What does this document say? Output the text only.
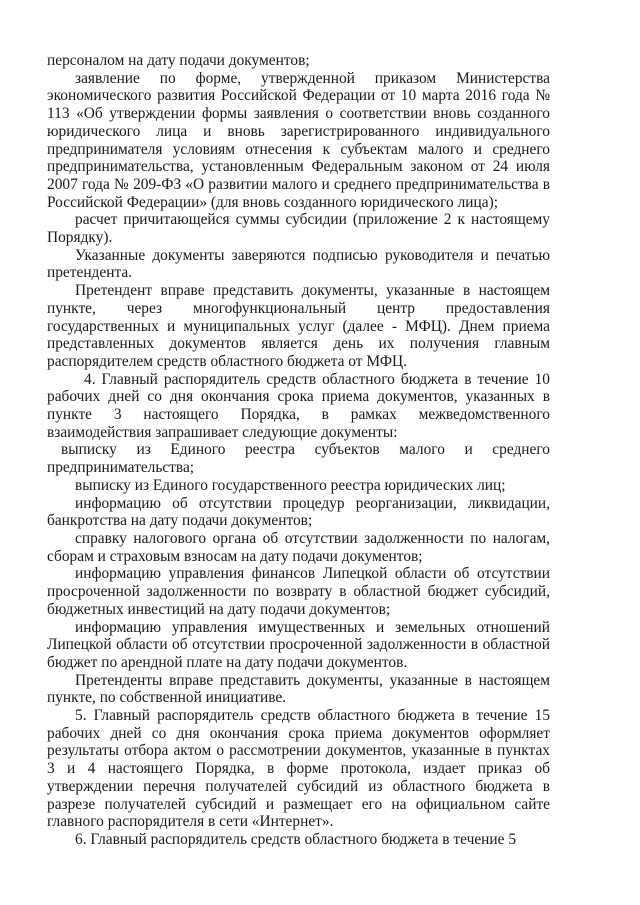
персоналом на дату подачи документов;

заявление по форме, утвержденной приказом Министерства экономического развития Российской Федерации от 10 марта 2016 года № 113 «Об утверждении формы заявления о соответствии вновь созданного юридического лица и вновь зарегистрированного индивидуального предпринимателя условиям отнесения к субъектам малого и среднего предпринимательства, установленным Федеральным законом от 24 июля 2007 года № 209-ФЗ «О развитии малого и среднего предпринимательства в Российской Федерации» (для вновь созданного юридического лица);

расчет причитающейся суммы субсидии (приложение 2 к настоящему Порядку).

Указанные документы заверяются подписью руководителя и печатью претендента.

Претендент вправе представить документы, указанные в настоящем пункте, через многофункциональный центр предоставления государственных и муниципальных услуг (далее - МФЦ). Днем приема представленных документов является день их получения главным распорядителем средств областного бюджета от МФЦ.

4. Главный распорядитель средств областного бюджета в течение 10 рабочих дней со дня окончания срока приема документов, указанных в пункте 3 настоящего Порядка, в рамках межведомственного взаимодействия запрашивает следующие документы:

выписку из Единого реестра субъектов малого и среднего предпринимательства;

выписку из Единого государственного реестра юридических лиц;

информацию об отсутствии процедур реорганизации, ликвидации, банкротства на дату подачи документов;

справку налогового органа об отсутствии задолженности по налогам, сборам и страховым взносам на дату подачи документов;

информацию управления финансов Липецкой области об отсутствии просроченной задолженности по возврату в областной бюджет субсидий, бюджетных инвестиций на дату подачи документов;

информацию управления имущественных и земельных отношений Липецкой области об отсутствии просроченной задолженности в областной бюджет по арендной плате на дату подачи документов.

Претенденты вправе представить документы, указанные в настоящем пункте, по собственной инициативе.

5. Главный распорядитель средств областного бюджета в течение 15 рабочих дней со дня окончания срока приема документов оформляет результаты отбора актом о рассмотрении документов, указанные в пунктах 3 и 4 настоящего Порядка, в форме протокола, издает приказ об утверждении перечня получателей субсидий из областного бюджета в разрезе получателей субсидий и размещает его на официальном сайте главного распорядителя в сети «Интернет».

6. Главный распорядитель средств областного бюджета в течение 5
